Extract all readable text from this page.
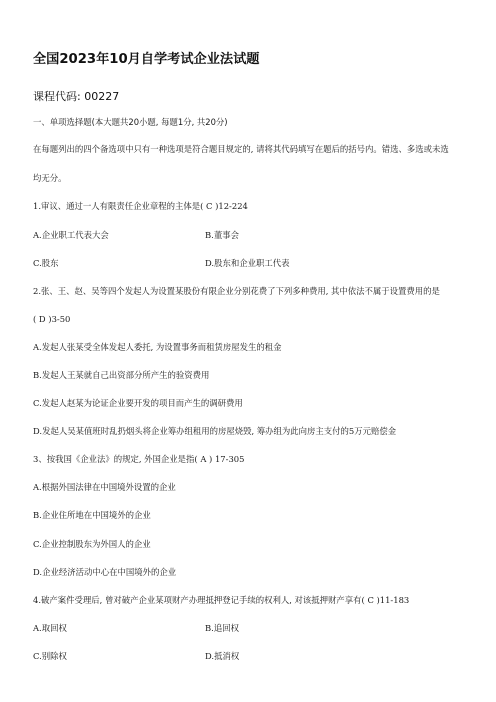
全国2023年10月自学考试企业法试题
课程代码: 00227
一、单项选择题(本大题共20小题, 每题1分, 共20分)
在每题列出的四个备选项中只有一种选项是符合题目规定的, 请将其代码填写在题后的括号内。错选、多选或未选
均无分。
1.审议、通过一人有限责任企业章程的主体是( C )12-224
A.企业职工代表大会	B.董事会
C.股东	D.股东和企业职工代表
2.张、王、赵、吴等四个发起人为设置某股份有限企业分别花费了下列多种费用, 其中依法不属于设置费用的是
( D )3-50
A.发起人张某受全体发起人委托, 为设置事务而租赁房屋发生的租金
B.发起人王某就自己出资部分所产生的验资费用
C.发起人赵某为论证企业要开发的项目而产生的调研费用
D.发起人吴某值班时乱扔烟头将企业筹办组租用的房屋烧毁, 筹办组为此向房主支付的5万元赔偿金
3、按我国《企业法》的规定, 外国企业是指( A ) 17-305
A.根据外国法律在中国境外设置的企业
B.企业住所地在中国境外的企业
C.企业控制股东为外国人的企业
D.企业经济活动中心在中国境外的企业
4.破产案件受理后, 曾对破产企业某项财产办理抵押登记手续的权利人, 对该抵押财产享有( C )11-183
A.取回权	B.追回权
C.别除权	D.抵消权
